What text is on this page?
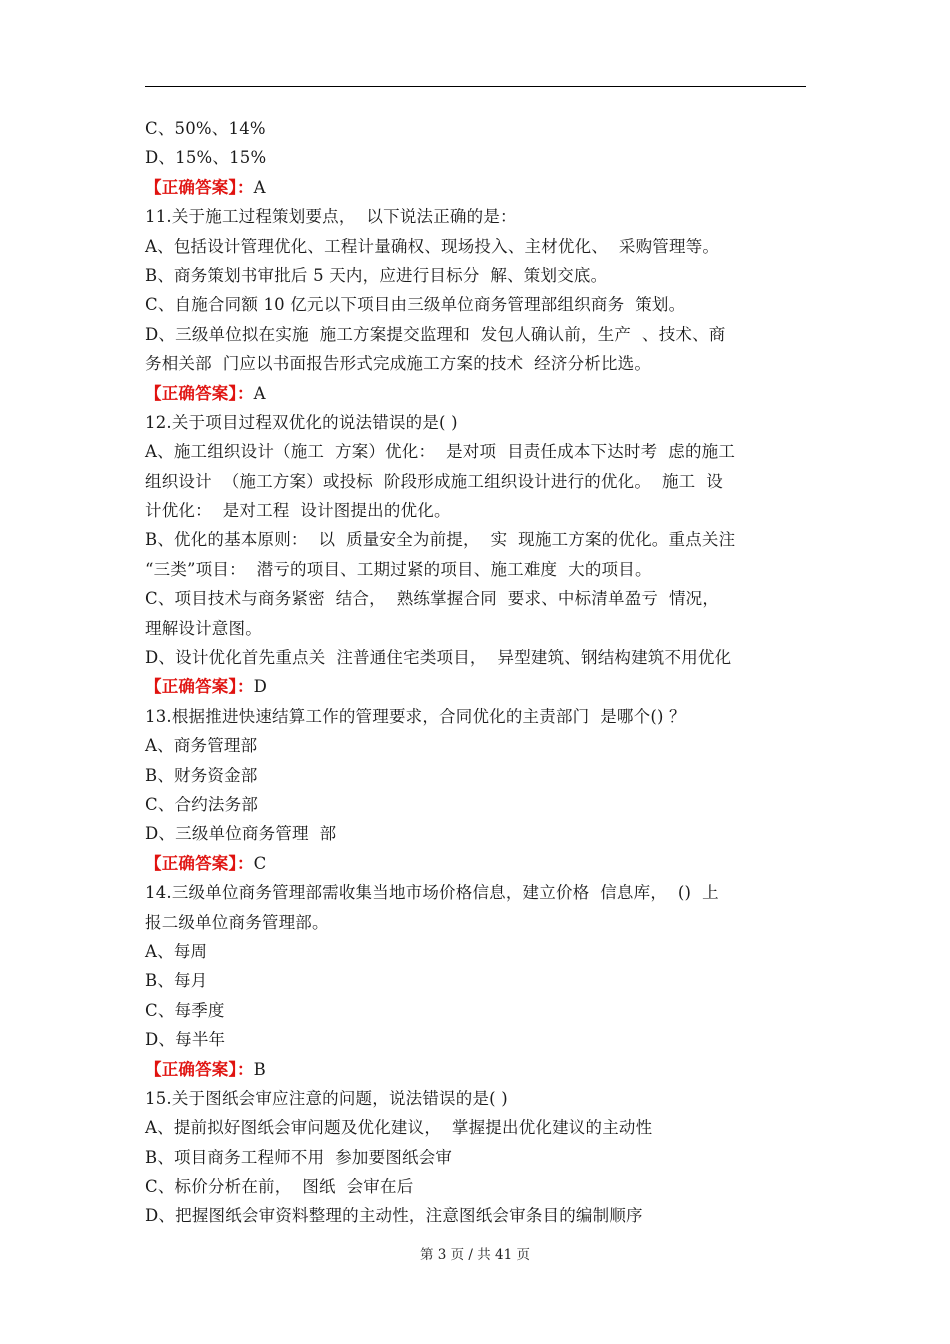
C、50%、14%
D、15%、15%
【正确答案】：A
11.关于施工过程策划要点，  以下说法正确的是：
A、包括设计管理优化、工程计量确权、现场投入、主材优化、  采购管理等。
B、商务策划书审批后 5 天内，应进行目标分  解、策划交底。
C、自施合同额 10 亿元以下项目由三级单位商务管理部组织商务  策划。
D、三级单位拟在实施  施工方案提交监理和  发包人确认前，生产  、技术、商
务相关部  门应以书面报告形式完成施工方案的技术  经济分析比选。
【正确答案】：A
12.关于项目过程双优化的说法错误的是( )
A、施工组织设计（施工  方案）优化：  是对项  目责任成本下达时考  虑的施工
组织设计  （施工方案）或投标  阶段形成施工组织设计进行的优化。  施工  设
计优化：  是对工程  设计图提出的优化。
B、优化的基本原则：  以  质量安全为前提，  实  现施工方案的优化。重点关注
“三类”项目：  潜亏的项目、工期过紧的项目、施工难度  大的项目。
C、项目技术与商务紧密  结合，  熟练掌握合同  要求、中标清单盈亏  情况，
理解设计意图。
D、设计优化首先重点关  注普通住宅类项目，  异型建筑、钢结构建筑不用优化
【正确答案】：D
13.根据推进快速结算工作的管理要求，合同优化的主责部门  是哪个() ？
A、商务管理部
B、财务资金部
C、合约法务部
D、三级单位商务管理  部
【正确答案】：C
14.三级单位商务管理部需收集当地市场价格信息，建立价格  信息库，  ()  上
报二级单位商务管理部。
A、每周
B、每月
C、每季度
D、每半年
【正确答案】：B
15.关于图纸会审应注意的问题，说法错误的是( )
A、提前拟好图纸会审问题及优化建议，  掌握提出优化建议的主动性
B、项目商务工程师不用  参加要图纸会审
C、标价分析在前，  图纸  会审在后
D、把握图纸会审资料整理的主动性，注意图纸会审条目的编制顺序
第 3 页 / 共 41 页
